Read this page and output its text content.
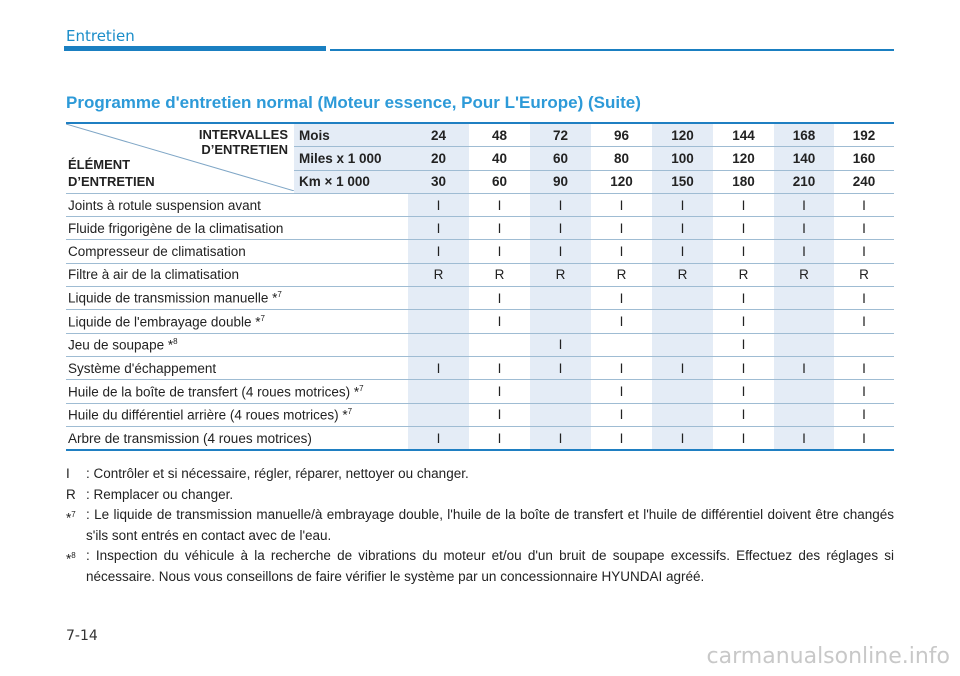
Entretien
Programme d'entretien normal (Moteur essence, Pour L'Europe) (Suite)
INTERVALLES
D’ENTRETIEN
ÉLÉMENT
D’ENTRETIEN	Mois	24	48	72	96	120	144	168	192
	Miles x 1 000	20	40	60	80	100	120	140	160
	Km × 1 000	30	60	90	120	150	180	210	240
Joints à rotule suspension avant		I	I	I	I	I	I	I	I
Fluide frigorigène de la climatisation		I	I	I	I	I	I	I	I
Compresseur de climatisation		I	I	I	I	I	I	I	I
Filtre à air de la climatisation		R	R	R	R	R	R	R	R
Liquide de transmission manuelle *$^7$			I		I		I		I
Liquide de l'embrayage double *$^7$			I		I		I		I
Jeu de soupape *$^8$				I			I		
Système d'échappement		I	I	I	I	I	I	I	I
Huile de la boîte de transfert (4 roues motrices) *$^7$			I		I		I		I
Huile du différentiel arrière (4 roues motrices) *$^7$			I		I		I		I
Arbre de transmission (4 roues motrices)		I	I	I	I	I	I	I	I
I	: Contrôler et si nécessaire, régler, réparer, nettoyer ou changer.
R : Remplacer ou changer.
*$^7$ : Le liquide de transmission manuelle/à embrayage double, l'huile de la boîte de transfert et l'huile de différentiel doivent être changés s'ils sont entrés en contact avec de l'eau.
*$^8$ : Inspection du véhicule à la recherche de vibrations du moteur et/ou d'un bruit de soupape excessifs. Effectuez des réglages si nécessaire. Nous vous conseillons de faire vérifier le système par un concessionnaire HYUNDAI agréé.
7-14
carmanualsonline.info
